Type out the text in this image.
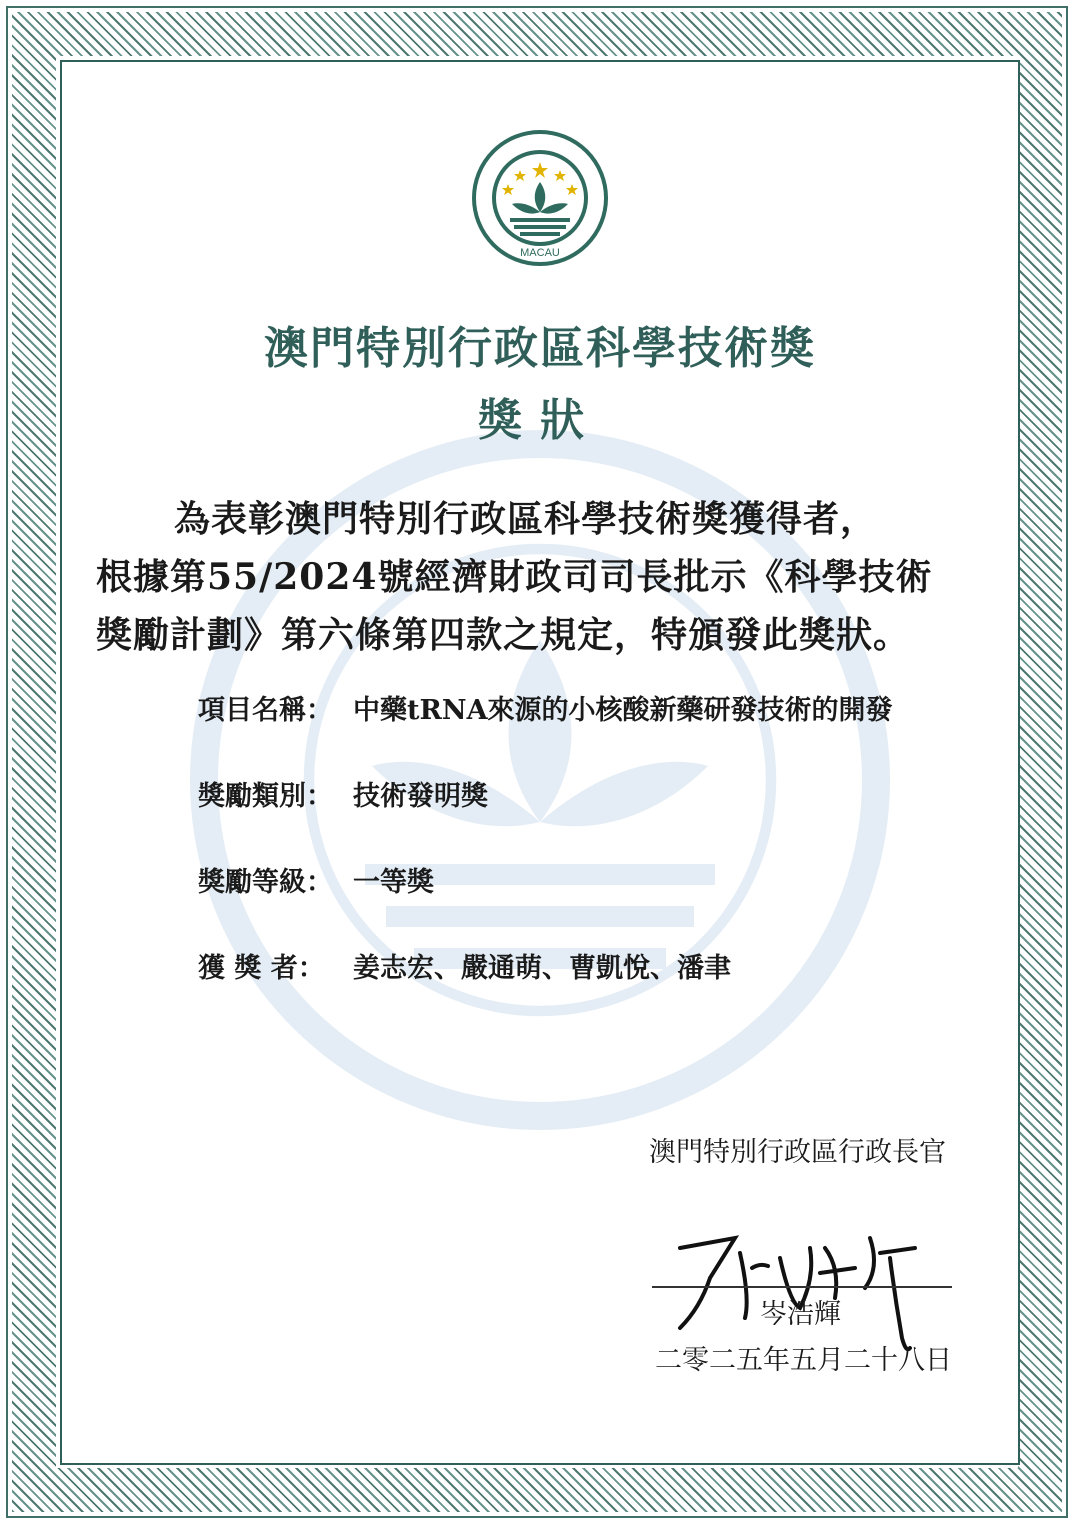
MACAU
澳門特別行政區科學技術獎
獎狀
為表彰澳門特別行政區科學技術獎獲得者，
根據第55/2024號經濟財政司司長批示《科學技術
獎勵計劃》第六條第四款之規定，特頒發此獎狀。
項目名稱： 中藥tRNA來源的小核酸新藥研發技術的開發
獎勵類別： 技術發明獎
獎勵等級： 一等獎
獲 獎 者： 姜志宏、嚴通萌、曹凱悅、潘聿
澳門特別行政區行政長官
岑浩輝
二零二五年五月二十八日
